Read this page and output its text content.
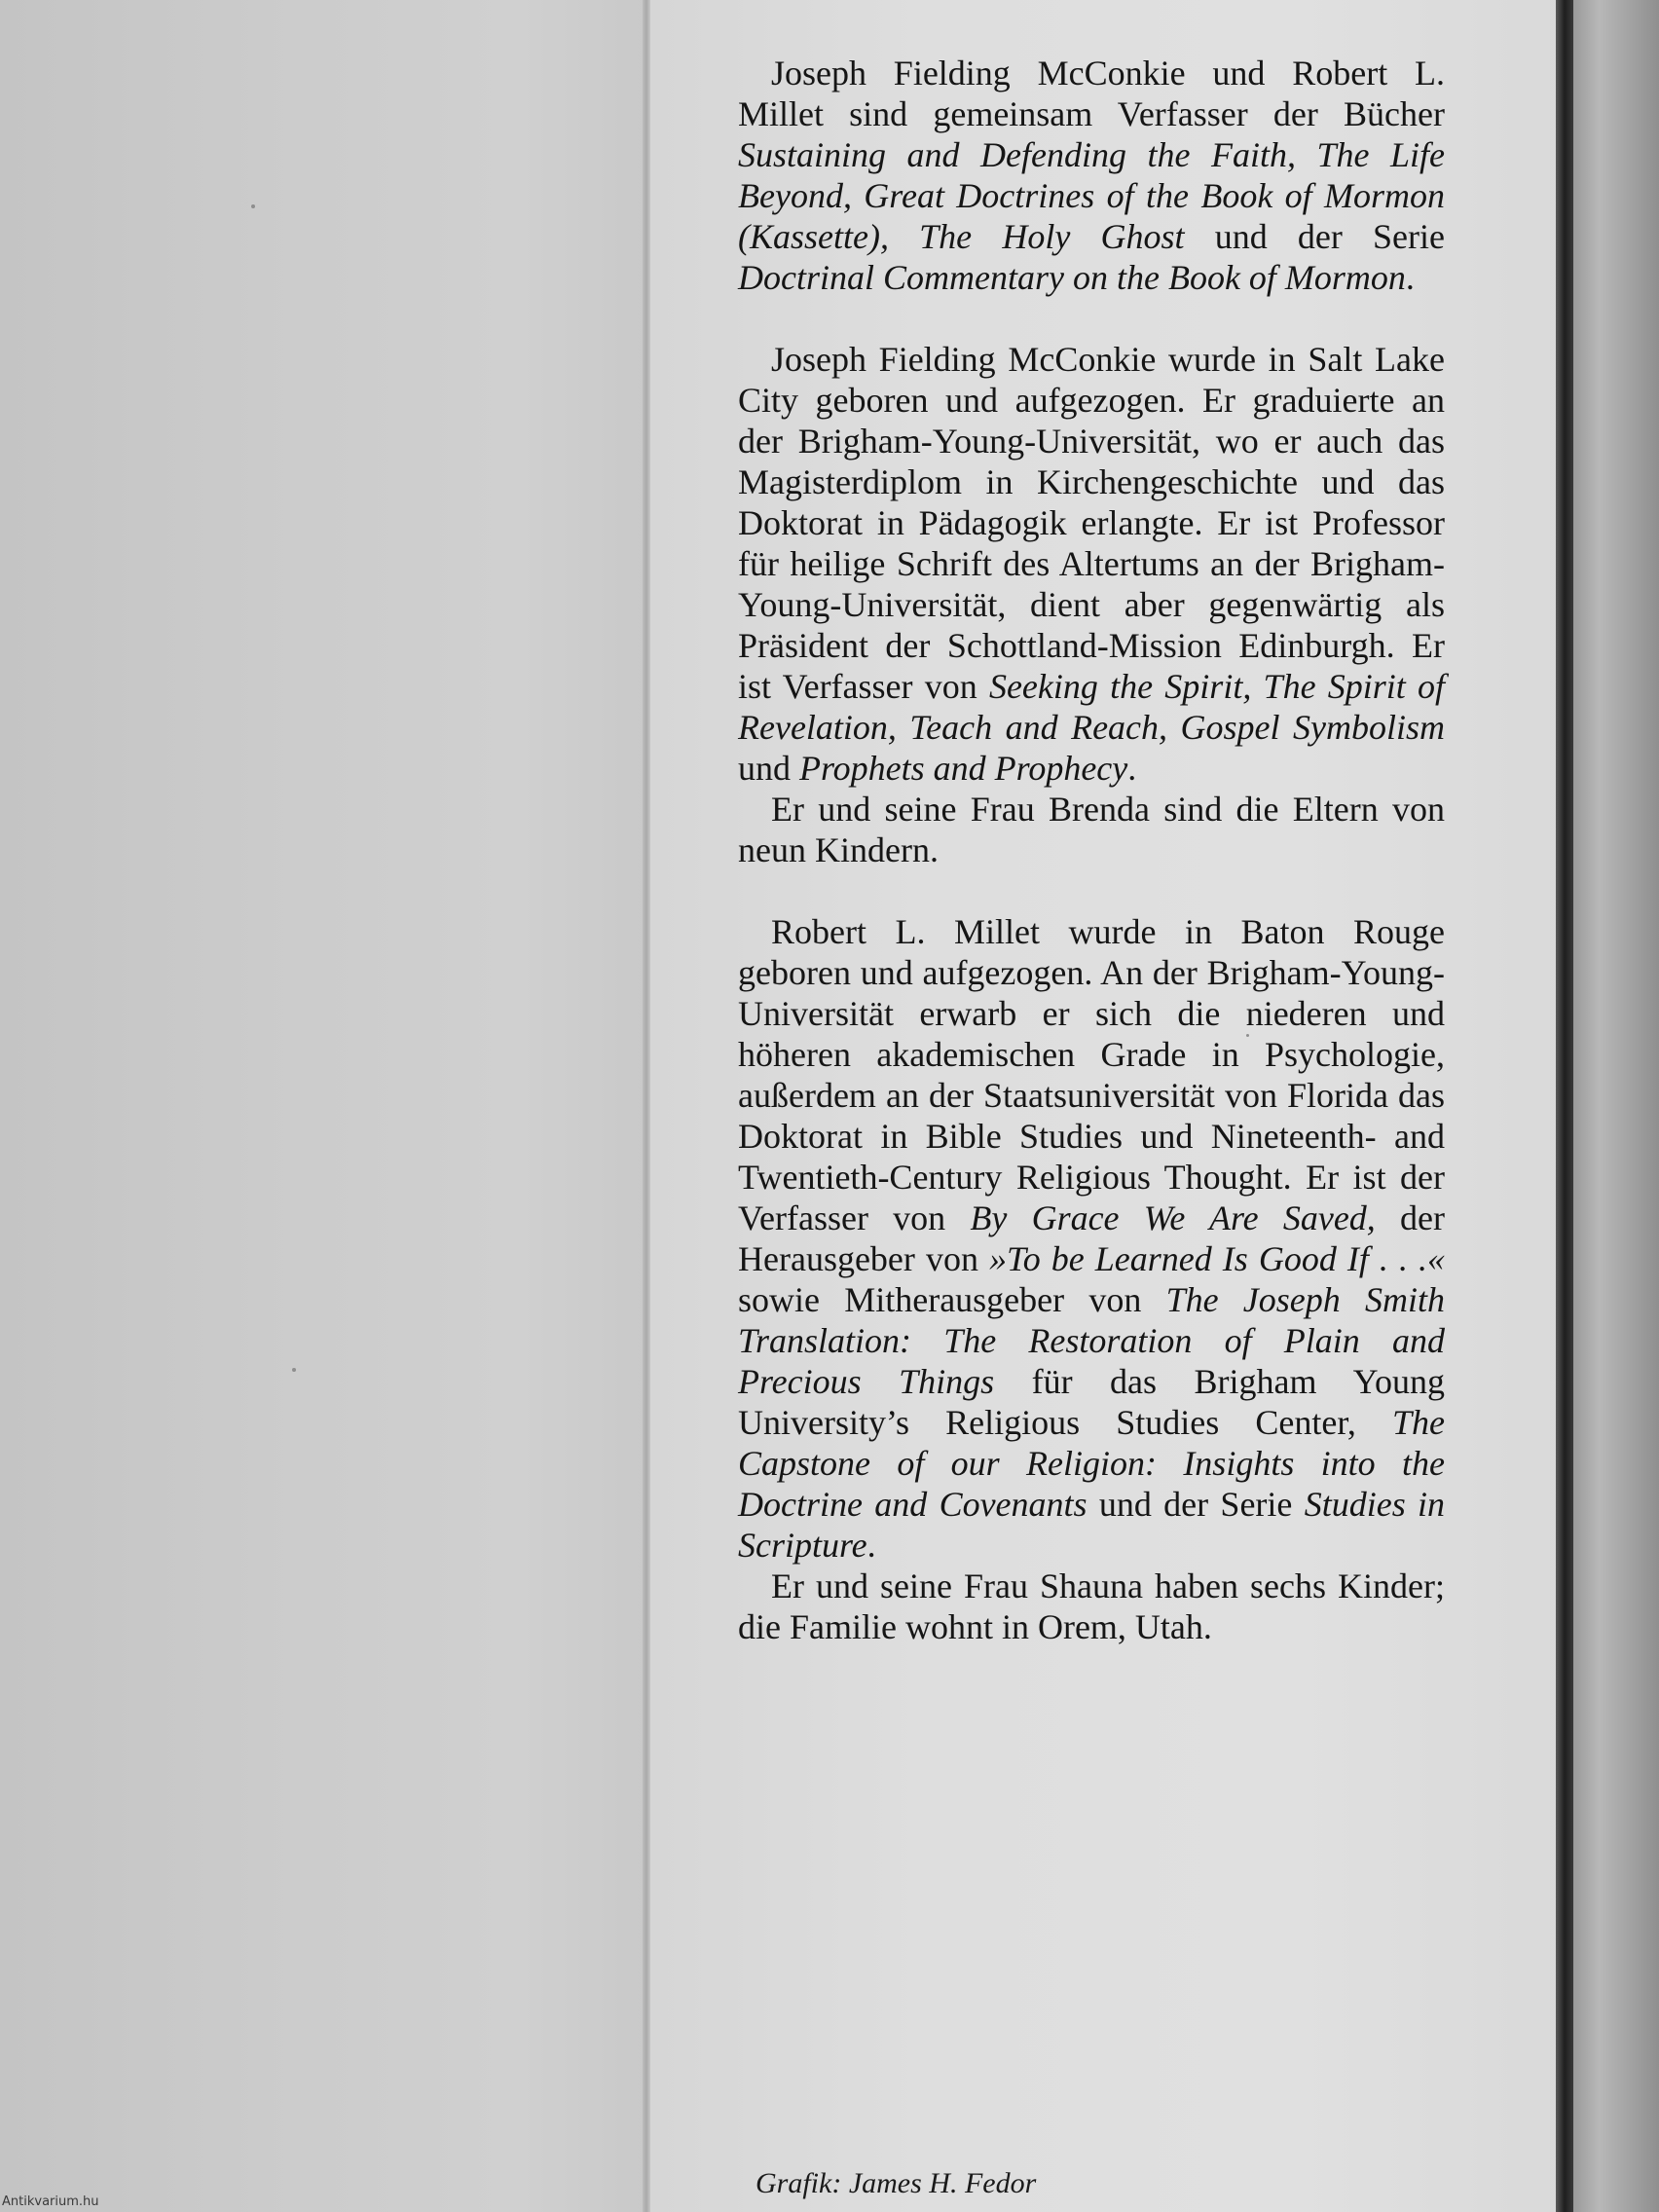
Joseph Fielding McConkie und Robert L. Millet sind gemeinsam Verfasser der Bücher Sustaining and Defending the Faith, The Life Beyond, Great Doctrines of the Book of Mormon (Kassette), The Holy Ghost und der Serie Doctrinal Commentary on the Book of Mormon.

Joseph Fielding McConkie wurde in Salt Lake City geboren und aufgezogen. Er graduierte an der Brigham-Young-Universität, wo er auch das Magisterdiplom in Kirchengeschichte und das Doktorat in Pädagogik erlangte. Er ist Professor für heilige Schrift des Altertums an der Brigham-Young-Universität, dient aber gegenwärtig als Präsident der Schottland-Mission Edinburgh. Er ist Verfasser von Seeking the Spirit, The Spirit of Revelation, Teach and Reach, Gospel Symbolism und Prophets and Prophecy.

Er und seine Frau Brenda sind die Eltern von neun Kindern.

Robert L. Millet wurde in Baton Rouge geboren und aufgezogen. An der Brigham-Young-Universität erwarb er sich die niederen und höheren akademischen Grade in Psychologie, außerdem an der Staatsuniversität von Florida das Doktorat in Bible Studies und Nineteenth- and Twentieth-Century Religious Thought. Er ist der Verfasser von By Grace We Are Saved, der Herausgeber von »To be Learned Is Good If . . .« sowie Mitherausgeber von The Joseph Smith Translation: The Restoration of Plain and Precious Things für das Brigham Young University’s Religious Studies Center, The Capstone of our Religion: Insights into the Doctrine and Covenants und der Serie Studies in Scripture.

Er und seine Frau Shauna haben sechs Kinder; die Familie wohnt in Orem, Utah.

Grafik: James H. Fedor
Antikvarium.hu
